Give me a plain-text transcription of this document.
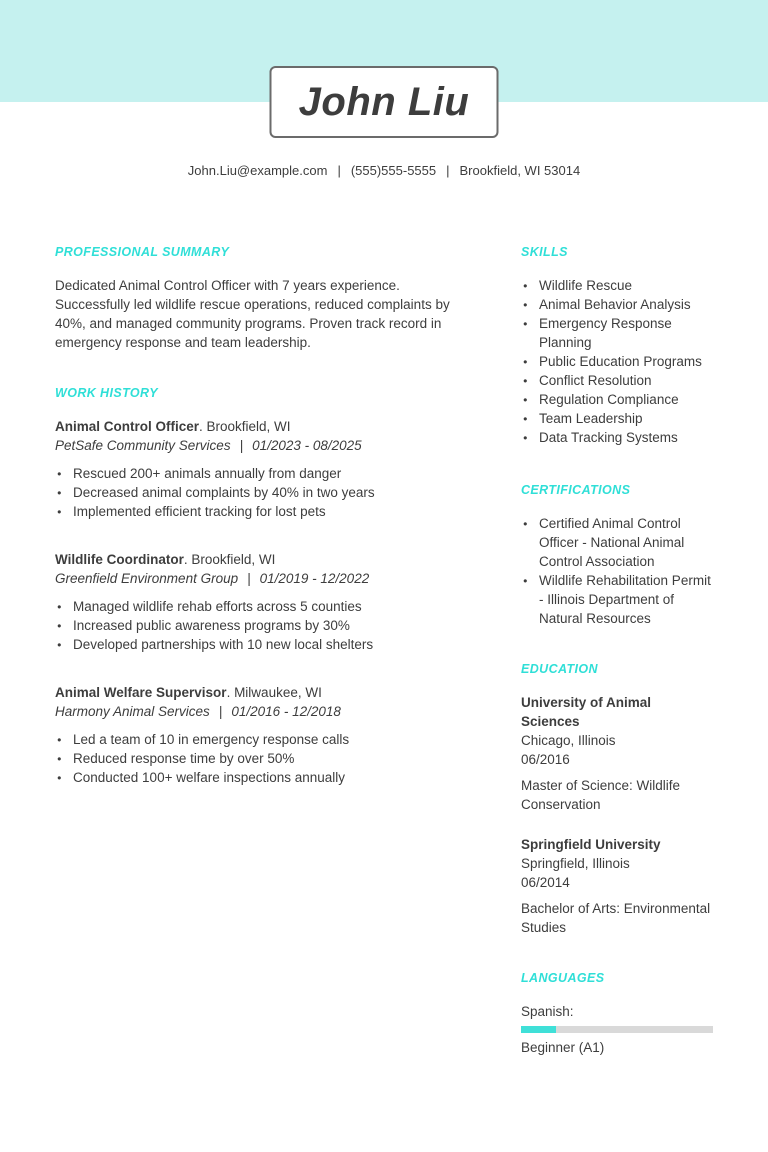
John Liu
John.Liu@example.com | (555)555-5555 | Brookfield, WI 53014
PROFESSIONAL SUMMARY
Dedicated Animal Control Officer with 7 years experience. Successfully led wildlife rescue operations, reduced complaints by 40%, and managed community programs. Proven track record in emergency response and team leadership.
WORK HISTORY
Animal Control Officer. Brookfield, WI
PetSafe Community Services | 01/2023 - 08/2025
● Rescued 200+ animals annually from danger
● Decreased animal complaints by 40% in two years
● Implemented efficient tracking for lost pets
Wildlife Coordinator. Brookfield, WI
Greenfield Environment Group | 01/2019 - 12/2022
● Managed wildlife rehab efforts across 5 counties
● Increased public awareness programs by 30%
● Developed partnerships with 10 new local shelters
Animal Welfare Supervisor. Milwaukee, WI
Harmony Animal Services | 01/2016 - 12/2018
● Led a team of 10 in emergency response calls
● Reduced response time by over 50%
● Conducted 100+ welfare inspections annually
SKILLS
● Wildlife Rescue
● Animal Behavior Analysis
● Emergency Response Planning
● Public Education Programs
● Conflict Resolution
● Regulation Compliance
● Team Leadership
● Data Tracking Systems
CERTIFICATIONS
● Certified Animal Control Officer - National Animal Control Association
● Wildlife Rehabilitation Permit - Illinois Department of Natural Resources
EDUCATION
University of Animal Sciences
Chicago, Illinois
06/2016
Master of Science: Wildlife Conservation
Springfield University
Springfield, Illinois
06/2014
Bachelor of Arts: Environmental Studies
LANGUAGES
Spanish:
Beginner (A1)
